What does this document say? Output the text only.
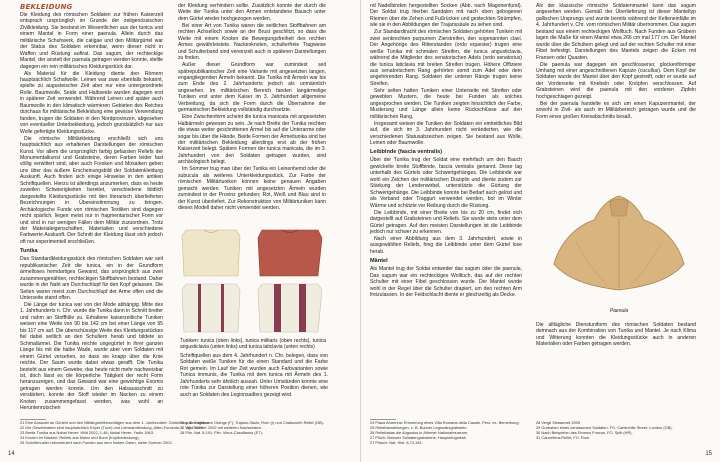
BEKLEIDUNG

Die Kleidung des römischen Soldaten zur frühen Kaiserzeit entsprach ursprünglich im Grunde der zeitgenössischen Zivilkleidung. Sie bestand im Wesentlichen aus der tunica und einem Mantel in Form einer paenula. Allein durch das militärische Schuhwerk, die caligae und den Militärgürtel war der Status des Soldaten erkennbar, wenn dieser nicht in Waffen und Rüstung auftrat. Das sagum, der rechteckige Mantel, der anstelt der paenula getragen werden konnte, stellte dagegen ein rein militärisches Kleidungsstück dar.

Als Material für die Kleidung diente den Römern hauptsächlich Schafwolle. Leinen war zwar ebenfalls bekannt, spielte zu augusteischer Zeit aber nur eine untergeordnete Rolle. Baumwolle, Seide und Halbseide wurden dagegen erst in späterer Zeit verwendet. Während Leinen und später auch Baumwolle in den klimatisch wärmeren Gebieten des Reiches durchaus für militärische Bekleidung eine gewisse Verwendung fanden, trugen die Soldaten in den Nordprovinzen, abgesehen von eventueller Unterbekleidung, jedoch grundsätzlich nur aus Wolle gefertigte Kleidungsstücke.

Die römische Militärkleidung erschließt sich uns hauptsächlich aus erhaltenen Darstellungen der römischen Kunst. Vor allem die ursprünglich farbig gefassten Reliefs der Monumentalkunst und Grabsteine, deren Farben leider fast völlig verwittert sind, aber auch Fresken und Mosaiken geben uns über das äußere Erscheinungsbild der Soldatenkleidung Auskunft. Auch finden sich einige Hinweise in den antiken Schriftquellen. Hierzu ist allerdings anzumerken, dass es heute zuweilen Schwierigkeiten bereitet, verschiedene bildlich dargestellte Kleidungsstücke mit den literarisch überlieferten Bezeichnungen in Übereinstimmung zu bringen. Archäologische Funde von römischen Textilien sind dagegen recht spärlich, liegen meist nur in fragmentarischer Form vor und sind in nur wenigen Fällen dem Militär zuzuordnen. Trotz der Materialeigenschaften, Materialien und verschiedene Farbwerte Auskunft. Der Schnitt der Kleidung lässt sich jedoch oft nur experimentell erschließen.

Tunika

Das Standardkleidungsstück des römischen Soldaten war seit republikanischer Zeit die tunica, ein in der Grundform ärmelloses hemdartiges Gewand, das ursprünglich aus zwei zusammengenähten, rechteckigen Stoffbahnen bestand. Daher wurde in der Naht am Durchschlupf für den Kopf gelassen. Die Seiten waren meist zum Durchschlupf der Arme offen und die Unterseite stand offen.

Die Länge der tunica war von der Mode abhängig. Mitte des 1. Jahrhunderts n. Chr. wurde die Tunika dann in Schnitt breiter und nahm an Stofffülle zu. Erhaltene kaiserzeitliche Tuniken weisen eine Weite von 90 bis 142 cm bei einer Länge von 95 bis 117 cm auf. Die überschüssige Weite des Kleidungsstückes fiel dabei seitlich an den Schultern herab und bildete so Schmalärmel. Die Tunika reichte ungegürtet in ihrer ganzen Länge bis mit die halbe Wade, wurde aber vom Soldaten mit einem Gürtel versehen, so dass sie knapp über die Knie reichte. Der Saum wurde dabei etwas gerafft. Die Tunika besteht aus einem Gewebe, das heute nicht mehr nachweisbar ist, doch lässt es die körperliche Tätigkeit der recht Form heranzuzeigen, und das Gewand war eine gewichtige Exomis getragen werden konnte. Um den Halsausschnitt zu verstärken, konnte der Stoff wieder im Nacken zu einem Knoten zusammengefasst werden, was wohl an Heruntenrutschen

der Kleidung verhindern sollte. Zusätzlich konnte der durch die Weite der Tunika unter den Armen entstandene Bausch unter dem Gürtel wieder hochgezogen werden.

Bei einer Art von Tunika waren die seitlichen Stoffbahnen am rechten Achselloch sowie an der Brust geschlitzt, so dass die Weite mit einem Knoten die Bewegungsfreiheit des rechten Armes gewährleistete. Nackenknoten, schulterfreie Tragweise und Schulterband sind vereinzelt auch in späteren Darstellungen zu finden.

Außer dieser Grundform war zumindest seit spätrepublikanischer Zeit eine Variante mit angesetzten langen, engangliegenden Ärmeln bekannt. Die Tunika mit Ärmeln war bis zum Ende des 2. Jahrhunderts jedoch als unmännlich angesehen. Im militärischen Bereich fanden langärmelige Tuniken erst unter dem Kaiser im 3. Jahrhundert allgemeine Verbreitung, da sich die Form durch die Übernahme der germanischen Bekleidung vollständig durchsetzte.

Eine Zwischenform scheint die tunica manicata mit angesetzten Halbärmeln gewesen zu sein. Je nach Breite der Tunika reichten die etwas weiter geschnittenen Ärmel bis auf die Unterarme oder sogar bis über die Hände. Beide Formen der Ärmeltunika sind bei der militärischen Bekleidung allerdings erst ab der frühen Kaiserzeit belegt. Spätere Formen der tunica manicata, die im 3. Jahrhundert von den Soldaten getragen wurden, sind archäologisch belegt.

Im Sommer trug man über der Tunika ein Leinenhemd oder die subucula als weiteres Unterkleidungsstück. Zur Farbe der römischen Militärtuniken können keine genauen Angaben gemacht werden. Tuniken mit angesetzten Ärmeln wurden zumindest in der Provinz gefunden; Rot, Weiß und Blau sind in der Kunst überliefert. Zur Rekonstruktion von Militärtuniken kann dieses Modell daher nicht verwendet werden.

Tuniken: tunica (oben links), tunica militaris (oben rechts), tunica angusticlavia (unten links) und tunica laticlavia (unten rechts)

Schriftquellen aus dem 4. Jahrhundert n. Chr. belegen, dass von Soldaten weiße Tuniken für die einen Standard und die Farbe Rot gemein. Im Lauf der Zeit wurden auch Farbvarianten sowie Tunica immunis, die Tunika mit dem tunica mit Ärmeln des 1. Jahrhunderts sehr ähnlich aussah. Unter Umständen konnte eine rote Tunika zur Darstellung einer höheren Position dienen, wie auch an Soldaten des Legionsadlers gezeigt wird.

21 Eine Auswahl an Gürteln und den Militärgürtelbeschlägen aus dem 1. Jahrhundert: Gürtel/cingulum militare
22 Die Gewebearten sind hauptsächlich Köper (Tuch) und Leinwandbindung, Alten-Fundorte, s. Wild 1970.
23 Breite Tunika aus Nahal Hever: Wild 2002, 1-48; Nahal Hever: Yadin 1963.
24 Knoten im Nacken: Reliefs aus Mainz und Bonn (Kopfbedeckung).
25 Schnittmuster rekonstruiert nach Funden aus dem Nahen Osten, siehe Sumner 2002.
26 z. B. Sagen von Orange (F), Trajans-Säule, Rom (I) und Chatsworth Relief (GB).
27 Vgl. Sumner 2002 mit weiteren Nachweisen.
28 Plin. Nat. 8,191; Plin. Vieux-Claudianus (ET).
14

nd Nadelbinden hergestellten Socken (Abb. nach Magonenfund). Der Soldat trug hierbei Sandalen mit nach oben gebogenen Riemen über die Zehen und Fußrücken und gesteckten Strümpfen, wie sie in den Abbildungen der Trajanssäule zu sehen sind.

Zur Standardtracht des römischen Soldaten gehörten Tuniken mit zwei senkrechten purpurnen Zierstreifen, den sogenannten clavi. Der Angehörige des Ritterstandes (ordo equester) trugen eine weiße Tunika mit schmalen Streifen, die tunica angusticlavia, während die Mitglieder des senatorischen Adels (ordo senatorius) die tunica laticlavia mit breiten Streifen trugen. Höhere Offiziere aus senatorischem Rang gehörten somit zum Adel oder dem angehörenden Rang. Soldaten der unteren Ränge trugen keine Streifen.

Sehr selten hatten Tuniken einer Unterseite mit Streifen oder gewebten Mustern, die heute bei Funden als solches angesprochen werden. Die Tuniken zeigten hinsichtlich der Farbe, Musterung und Länge allein keine Rückschlüsse auf den militärischen Rang.

Insgesamt weisen die Tuniken der Soldaten ein einheitliches Bild auf, die sich im 3. Jahrhundert nicht veränderten, wie die verschiedenen Statusabzeichen zeigen. Sie bestand aus Wolle, Leinen oder Baumwolle.

Leibbinde (fascia ventralis)

Über der Tunika trug der Soldat eine mehrfach um den Bauch gewickelte breite Stoffbinde, fascia ventralis genannt. Diese lag unterhalb des Gürtels oder Schwertgehänges. Die Leibbinde war wohl ein Zeichen der militärischen Disziplin und diente zudem zur Stärkung der Lendenwirbel, unterstützte die Gürtung der Schwertgehänge. Die Leibbinde konnte bei Bedarf auch gelöst und als Verband oder Traggurt verwendet werden, bot im Winter Wärme und schützte vor Reibung durch die Rüstung.

Die Leibbinde, mit einer Breite von bis zu 20 cm, findet sich dargestellt auf Grabsteinen und Reliefs. Sie wurde stets unter dem Gürtel getragen. Auf den meisten Darstellungen ist die Leibbinde jedoch nur schwer zu erkennen.

Nach einer Abbildung aus dem 3. Jahrhundert, sowie in ausgewählten Reliefs, hing die Leibbinde unter dem Gürtel lose herab.

Mäntel

Als Mantel trug der Soldat entweder das sagum oder die paenula. Das sagum war ein rechteckiges Wolltuch, das auf der rechten Schulter mit einer Fibel geschlossen wurde. Der Mantel wurde wohl in der Regel über die Schulter drapiert, um den rechten Arm freizulassen. In der Feldschlacht diente er gleichzeitig als Decke.

Als der klassische römische Soldatenmantel kann das sagum angesehen werden. Gemäß der Überlieferung ist dieser Manteltyp gallischen Ursprungs und wurde bereits während der Kelteneinfälle im 4. Jahrhundert v. Chr. vom römischen Militär übernommen. Das sagum bestand aus einem rechteckigen Wolltuch. Nach Funden aus Gräbern lagen die Maße für einen Mantel etwa 266 cm mal 177 cm. Der Mantel wurde über die Schultern gelegt und auf der rechten Schulter mit einer Fibel befestigt. Darstellungen des Mantels zeigen die Ecken mit Fransen oder Quasten.

Die paenula war dagegen ein geschlossener, glockenförmiger Umhang mit einer angeschnittenen Kapuze (cucullus). Dem Kopf der Soldaten wurde der Mantel über den Kopf gestreift, oder er wurde auf der Vorderseite mit Knebeln oder Knöpfen verschlossen. Auf Grabsteinen wird die paenula mit den vorderen Zipfeln hochgeschlagen gezeigt.

Bei der paenula handelte es sich um einen Kapuzenmantel, der sowohl in Zivil- als auch im Militärbereich getragen wurde und die Form eines großen Kreisabschnitts besaß.

Paenula

Die alltägliche Dienstuniform des römischen Soldaten bestand demnach aus der Kombination von Tunika und Mantel. Je nach Klima und Witterung konnten die Kleidungsstücke auch in anderen Materialien oder Farben getragen werden.

24 Piaza Armerina: Erinnerung eines Villa Romana della Casale, Pers. ex. Bemerkung.
25 Reliefdarstellungen, z. B. Bonner Legionärsgrabstein.
26 Reliefdatas die Augustus in Athener Nationalmuseum.
27 Plüch: Mainzer Soldatengrabsteine, Hauptzeugnisse.
27 Plüsch: Nat. Hist. 8,73,193.
28 Vergil Strassmeil 2005
29 Gurbaben eines verlassenen Soldaten: FO. Canterville Street, London (GB).
30 Nach Beispielen des Emmus Funcus, FO. Split (HR).
31 Cancellera-Relief, FO. Rom.
15
